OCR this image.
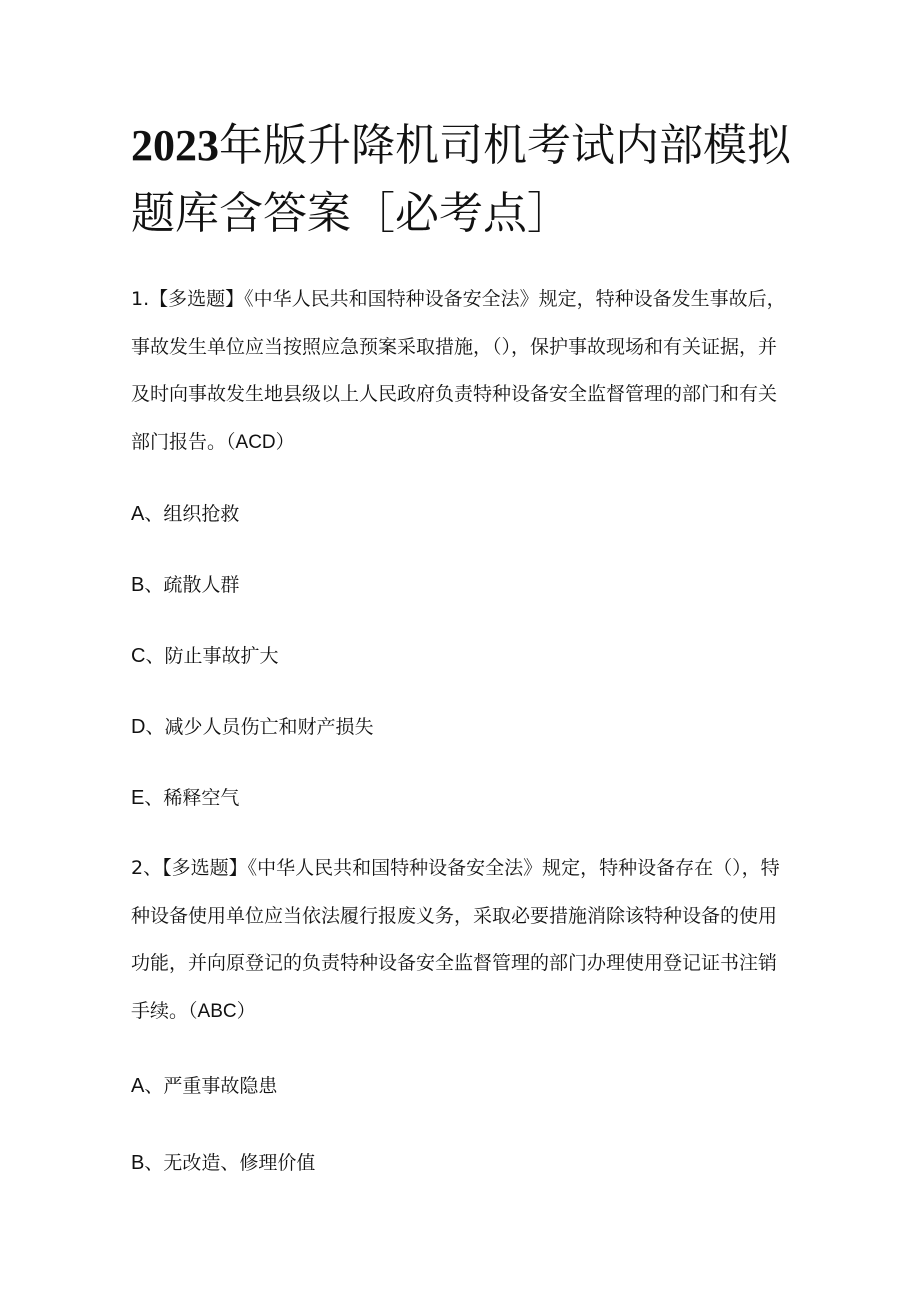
2023年版升降机司机考试内部模拟题库含答案［必考点］

1.【多选题】《中华人民共和国特种设备安全法》规定，特种设备发生事故后，事故发生单位应当按照应急预案采取措施，（），保护事故现场和有关证据，并及时向事故发生地县级以上人民政府负责特种设备安全监督管理的部门和有关部门报告。（ACD）

A、组织抢救

B、疏散人群

C、防止事故扩大

D、减少人员伤亡和财产损失

E、稀释空气

2、【多选题】《中华人民共和国特种设备安全法》规定，特种设备存在（），特种设备使用单位应当依法履行报废义务，采取必要措施消除该特种设备的使用功能，并向原登记的负责特种设备安全监督管理的部门办理使用登记证书注销手续。（ABC）

A、严重事故隐患

B、无改造、修理价值
